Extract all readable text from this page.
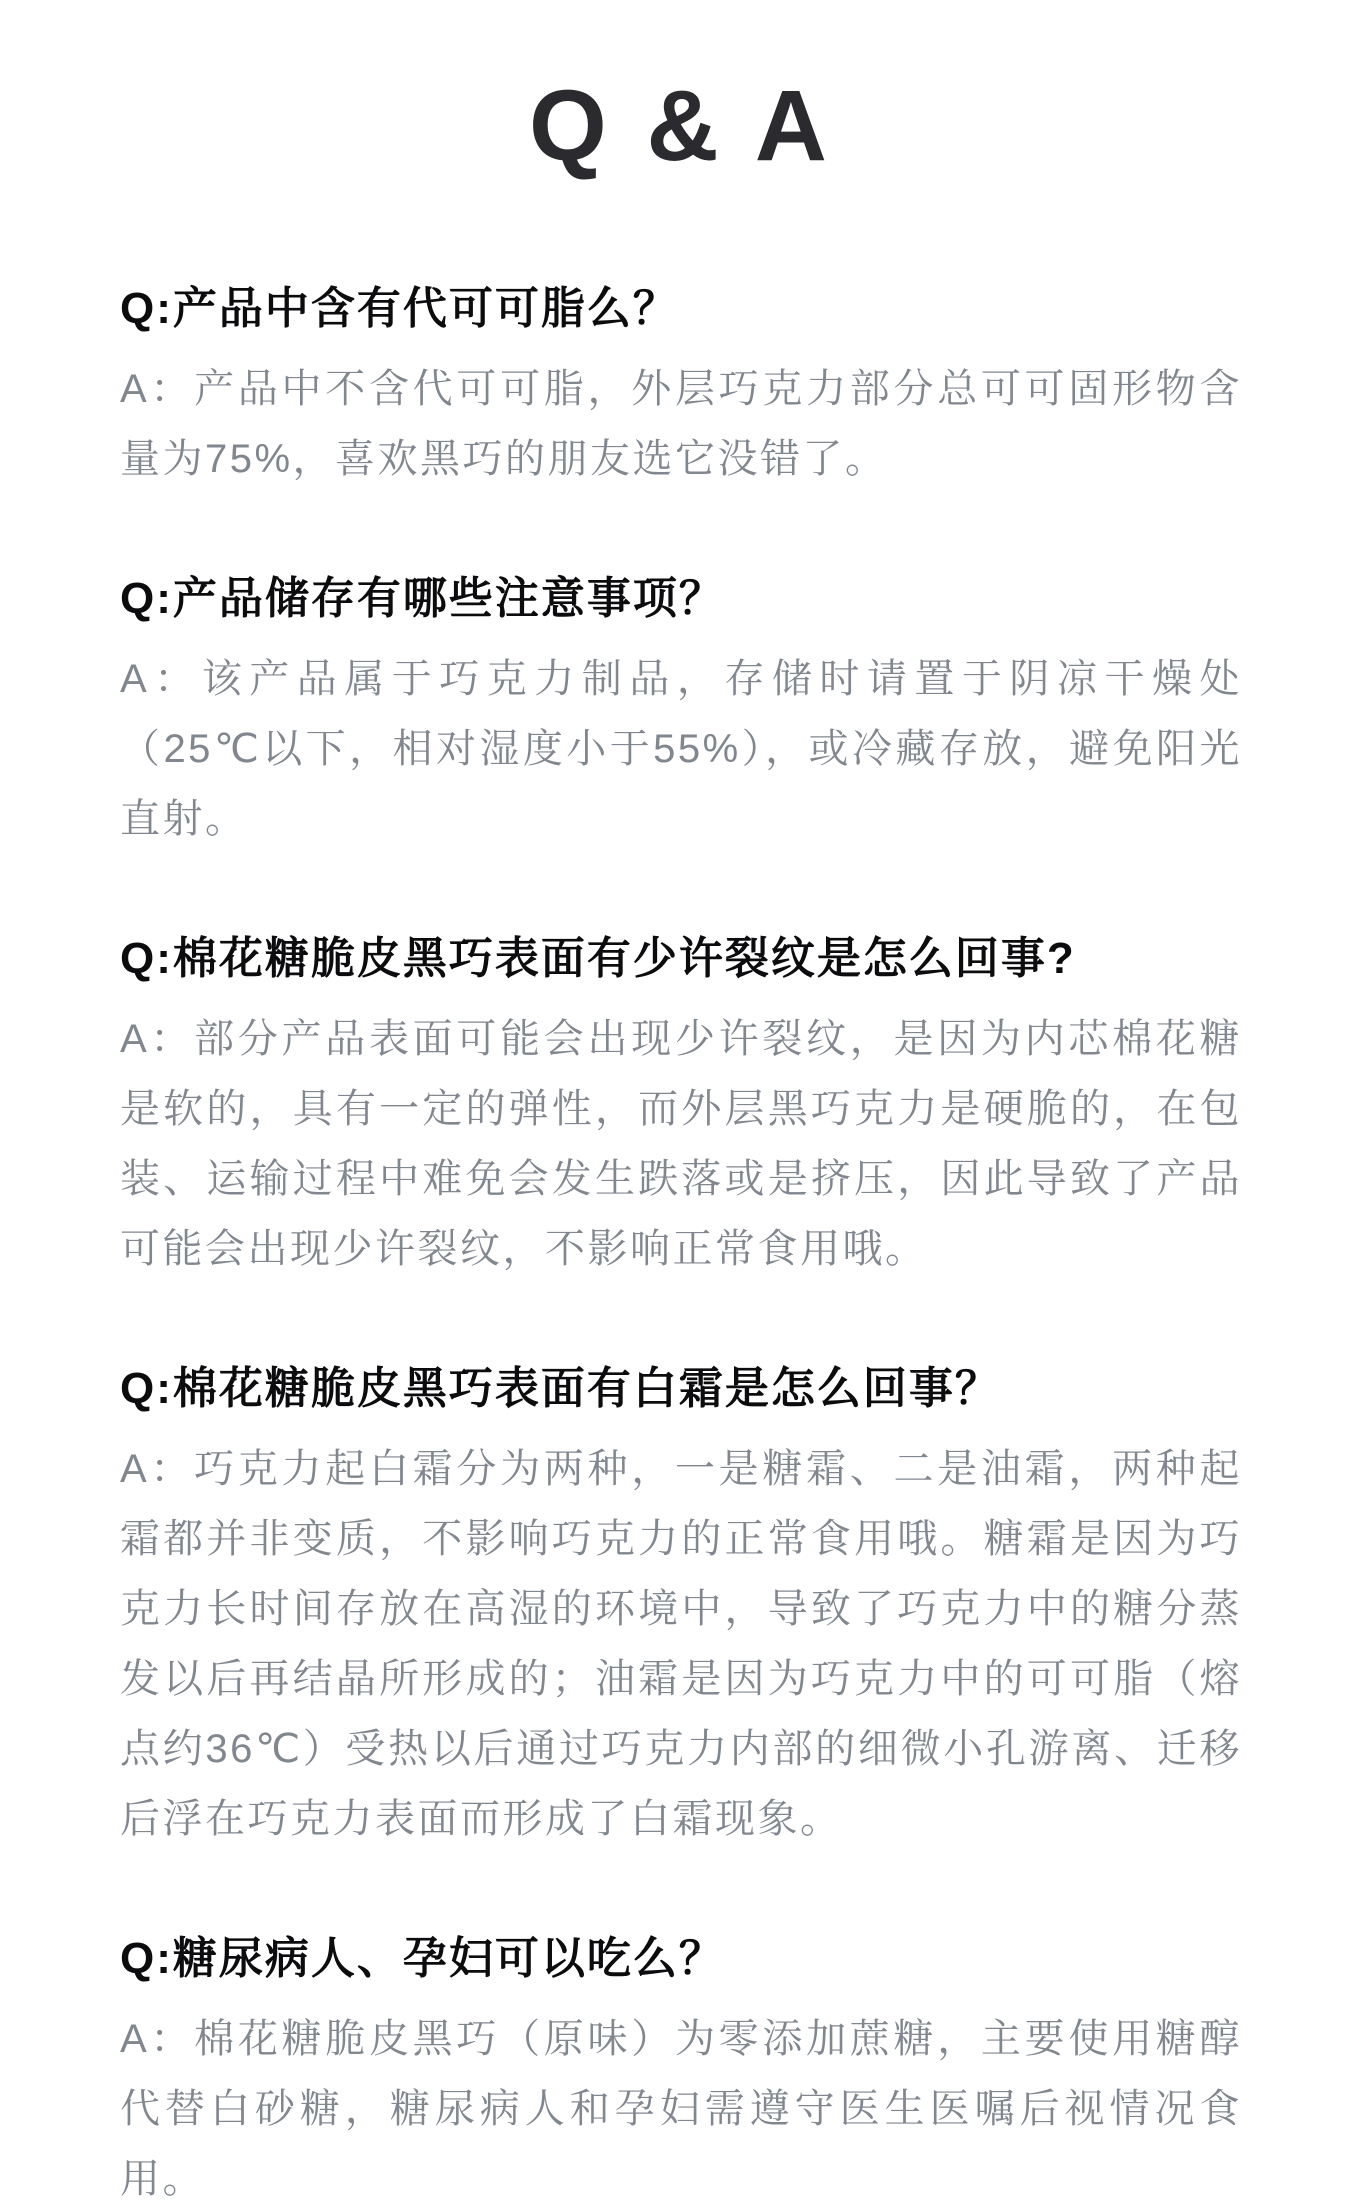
Q & A
Q:产品中含有代可可脂么？

A：产品中不含代可可脂，外层巧克力部分总可可固形物含量为75%，喜欢黑巧的朋友选它没错了。

Q:产品储存有哪些注意事项？

A：该产品属于巧克力制品，存储时请置于阴凉干燥处（25℃以下，相对湿度小于55%），或冷藏存放，避免阳光直射。

Q:棉花糖脆皮黑巧表面有少许裂纹是怎么回事?

A：部分产品表面可能会出现少许裂纹，是因为内芯棉花糖是软的，具有一定的弹性，而外层黑巧克力是硬脆的，在包装、运输过程中难免会发生跌落或是挤压，因此导致了产品可能会出现少许裂纹，不影响正常食用哦。

Q:棉花糖脆皮黑巧表面有白霜是怎么回事？

A：巧克力起白霜分为两种，一是糖霜、二是油霜，两种起霜都并非变质，不影响巧克力的正常食用哦。糖霜是因为巧克力长时间存放在高湿的环境中，导致了巧克力中的糖分蒸发以后再结晶所形成的；油霜是因为巧克力中的可可脂（熔点约36℃）受热以后通过巧克力内部的细微小孔游离、迁移后浮在巧克力表面而形成了白霜现象。

Q:糖尿病人、孕妇可以吃么？

A：棉花糖脆皮黑巧（原味）为零添加蔗糖，主要使用糖醇代替白砂糖，糖尿病人和孕妇需遵守医生医嘱后视情况食用。
